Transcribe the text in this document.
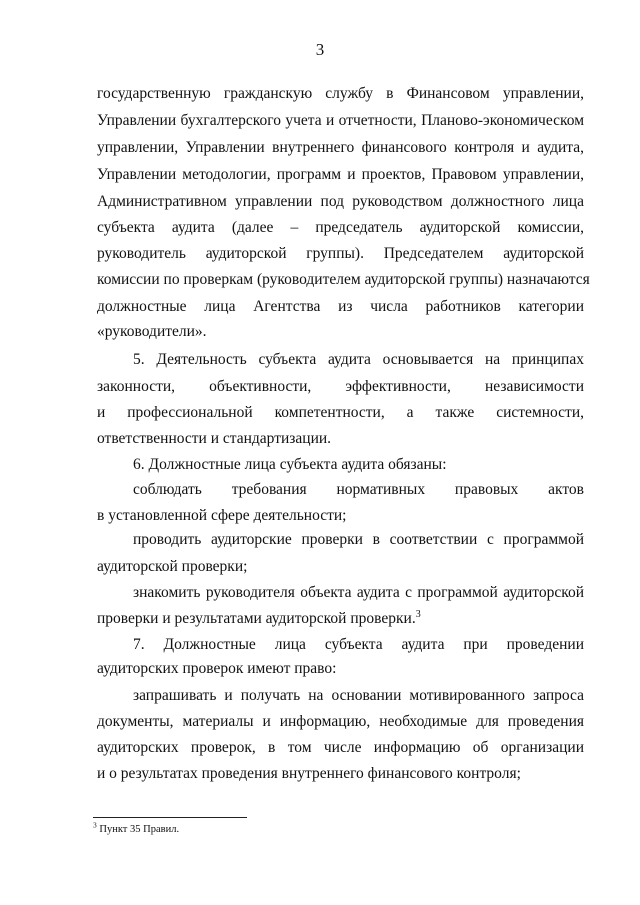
3
государственную гражданскую службу в Финансовом управлении,
Управлении бухгалтерского учета и отчетности, Планово-экономическом
управлении, Управлении внутреннего финансового контроля и аудита,
Управлении методологии, программ и проектов, Правовом управлении,
Административном управлении под руководством должностного лица
субъекта аудита (далее – председатель аудиторской комиссии,
руководитель аудиторской группы). Председателем аудиторской
комиссии по проверкам (руководителем аудиторской группы) назначаются
должностные лица Агентства из числа работников категории
«руководители».
5. Деятельность субъекта аудита основывается на принципах
законности, объективности, эффективности, независимости
и профессиональной компетентности, а также системности,
ответственности и стандартизации.
6. Должностные лица субъекта аудита обязаны:
соблюдать требования нормативных правовых актов
в установленной сфере деятельности;
проводить аудиторские проверки в соответствии с программой
аудиторской проверки;
знакомить руководителя объекта аудита с программой аудиторской
проверки и результатами аудиторской проверки.$^3$
7. Должностные лица субъекта аудита при проведении
аудиторских проверок имеют право:
запрашивать и получать на основании мотивированного запроса
документы, материалы и информацию, необходимые для проведения
аудиторских проверок, в том числе информацию об организации
и о результатах проведения внутреннего финансового контроля;
$^3$ Пункт 35 Правил.
